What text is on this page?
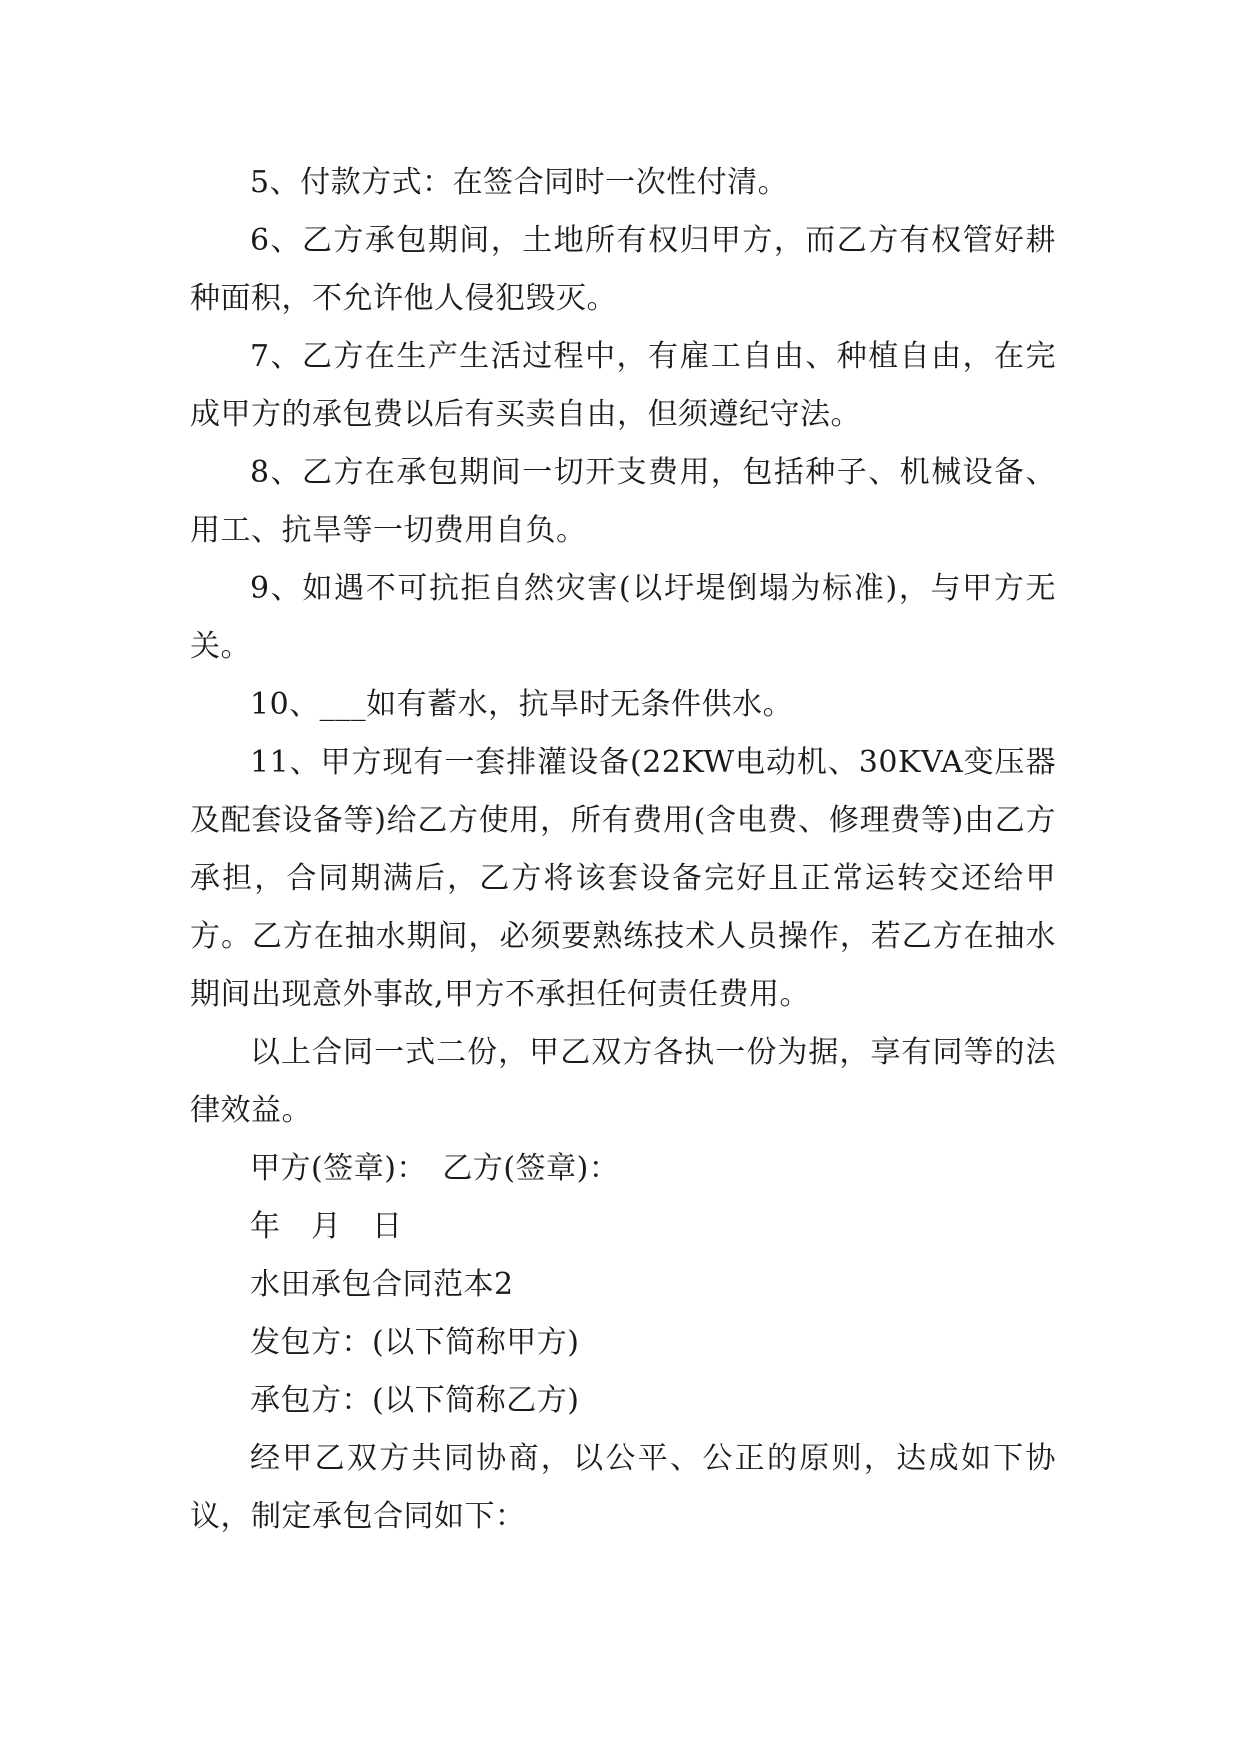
5、付款方式：在签合同时一次性付清。

6、乙方承包期间，土地所有权归甲方，而乙方有权管好耕种面积，不允许他人侵犯毁灭。

7、乙方在生产生活过程中，有雇工自由、种植自由，在完成甲方的承包费以后有买卖自由，但须遵纪守法。

8、乙方在承包期间一切开支费用，包括种子、机械设备、用工、抗旱等一切费用自负。

9、如遇不可抗拒自然灾害(以圩堤倒塌为标准)，与甲方无关。

10、___如有蓄水，抗旱时无条件供水。

11、甲方现有一套排灌设备(22KW电动机、30KVA变压器及配套设备等)给乙方使用，所有费用(含电费、修理费等)由乙方承担，合同期满后，乙方将该套设备完好且正常运转交还给甲方。乙方在抽水期间，必须要熟练技术人员操作，若乙方在抽水期间出现意外事故,甲方不承担任何责任费用。

以上合同一式二份，甲乙双方各执一份为据，享有同等的法律效益。

甲方(签章)：　乙方(签章)：

年　月　日

水田承包合同范本2

发包方：(以下简称甲方)

承包方：(以下简称乙方)

经甲乙双方共同协商，以公平、公正的原则，达成如下协议，制定承包合同如下：
